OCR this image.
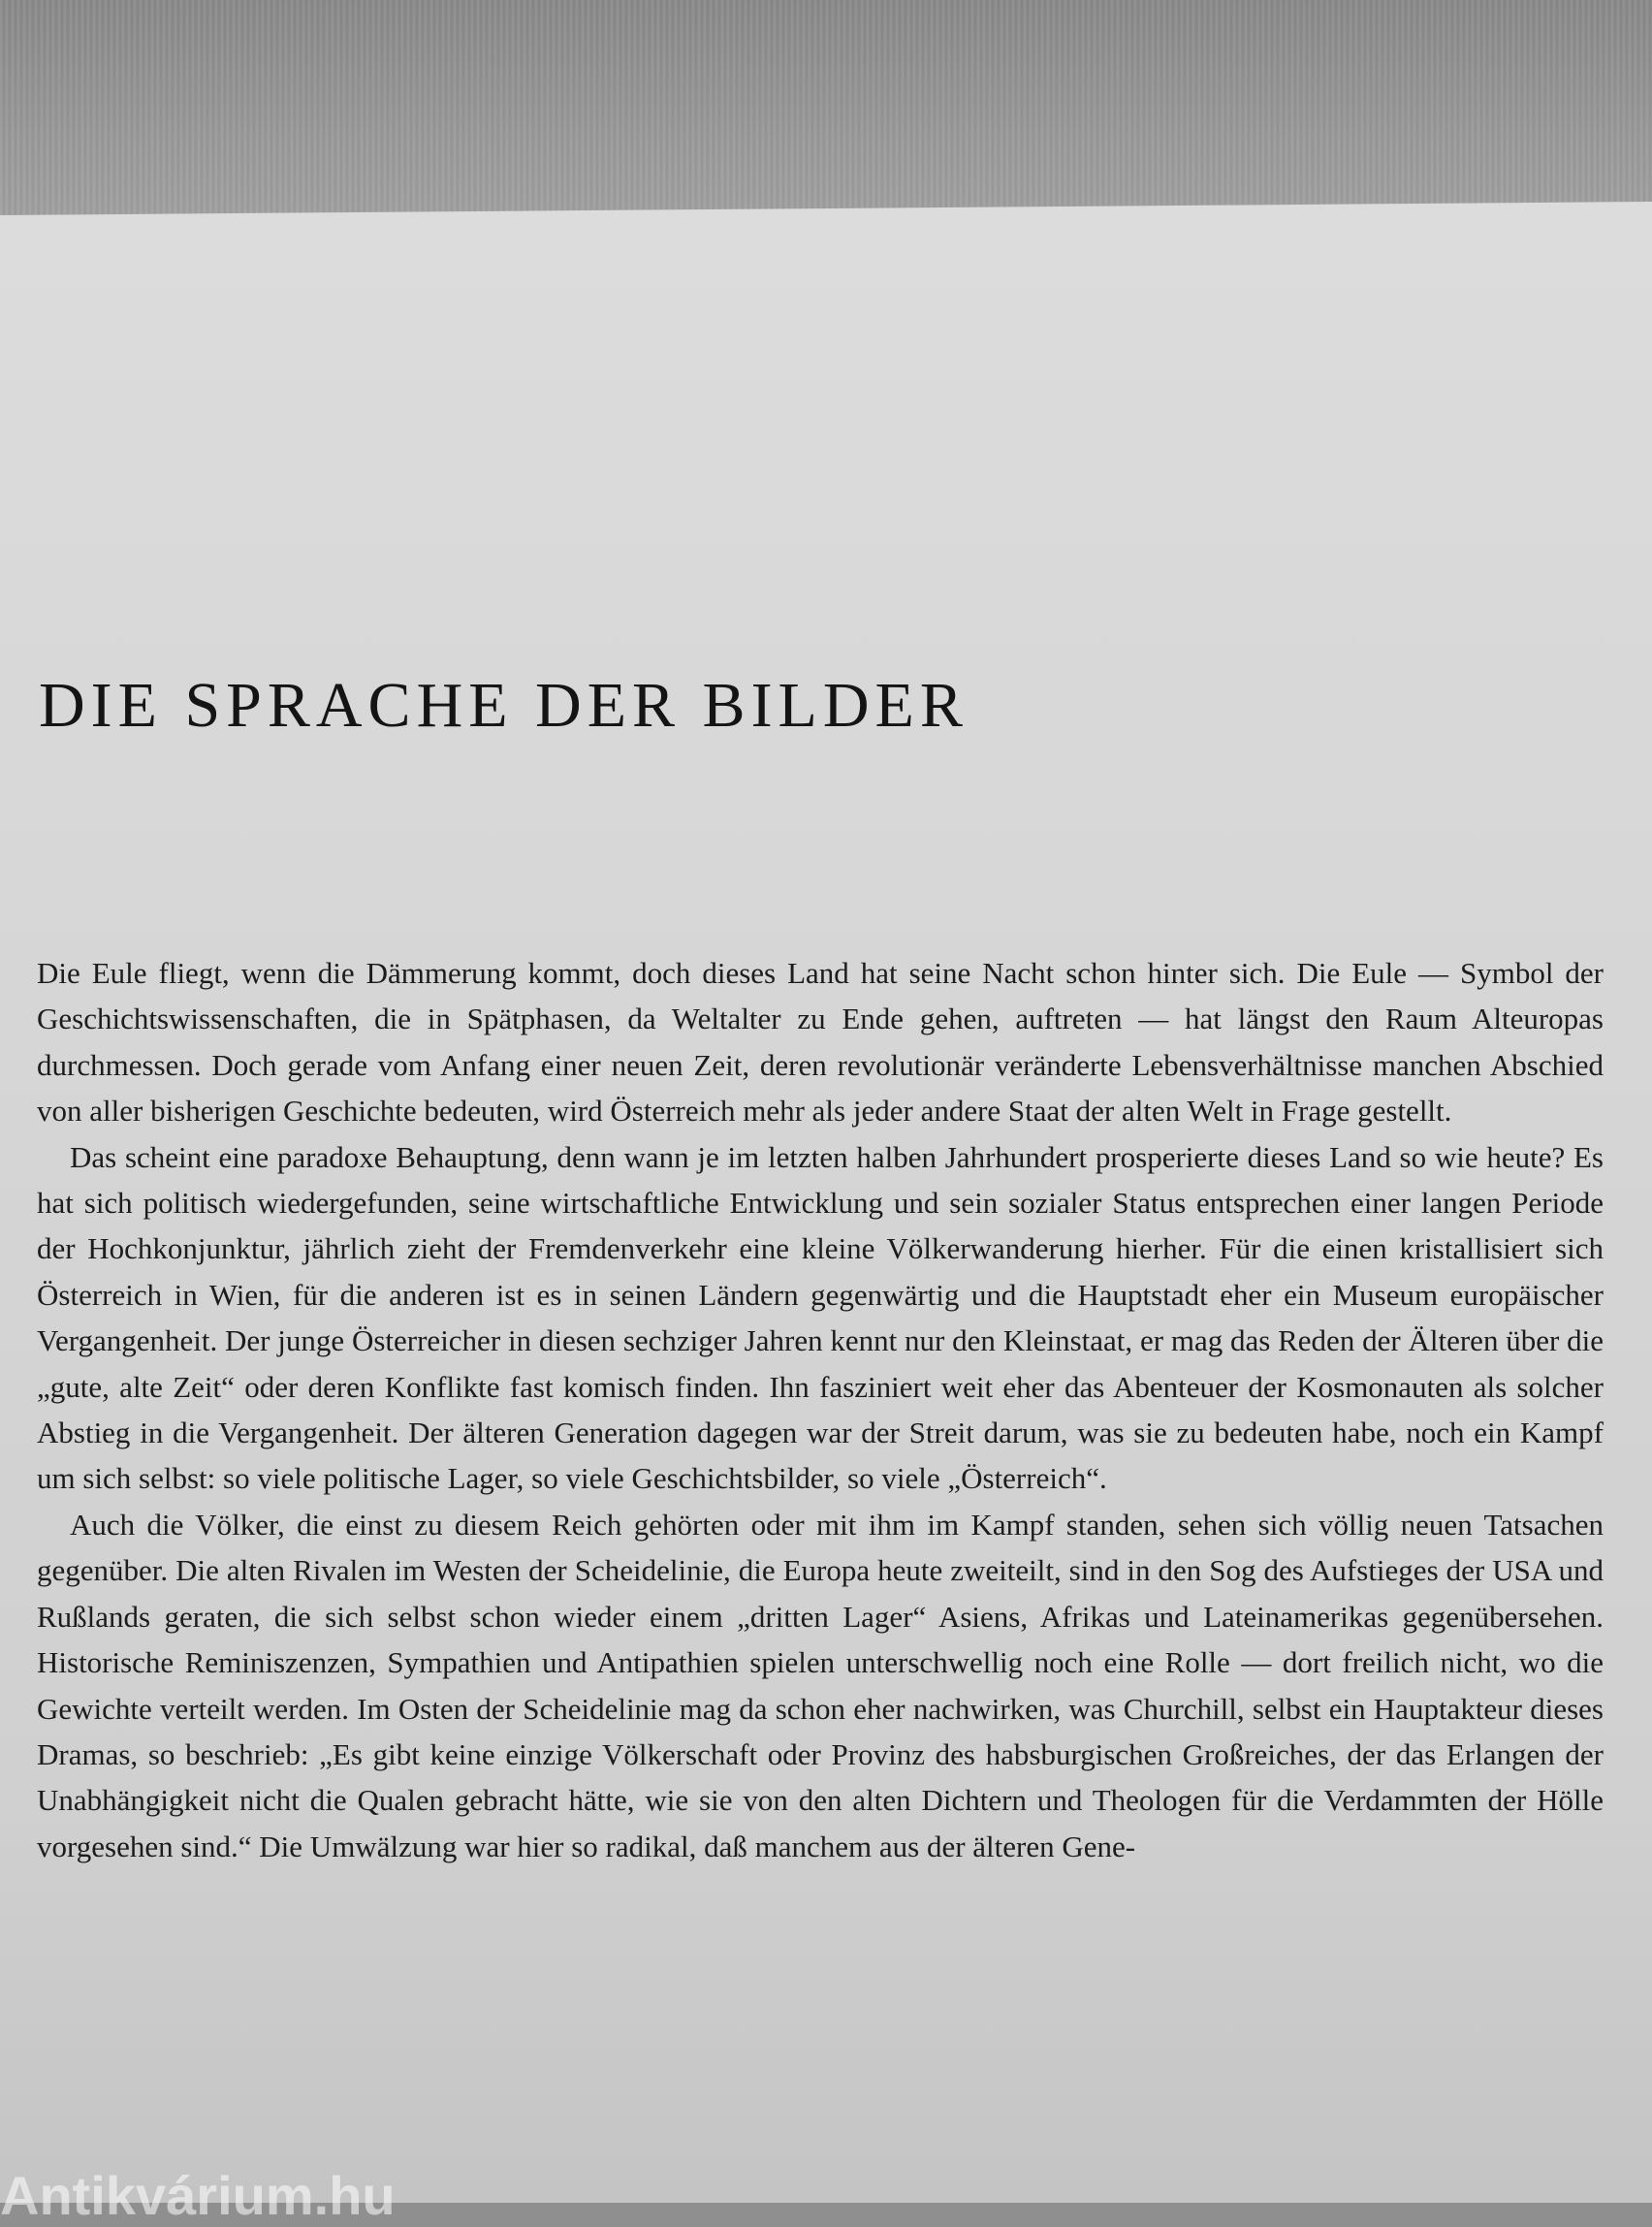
DIE SPRACHE DER BILDER

Die Eule fliegt, wenn die Dämmerung kommt, doch dieses Land hat seine Nacht schon hinter sich. Die Eule — Symbol der Geschichtswissenschaften, die in Spätphasen, da Weltalter zu Ende gehen, auftreten — hat längst den Raum Alteuropas durchmessen. Doch gerade vom Anfang einer neuen Zeit, deren revolutionär veränderte Lebensverhältnisse manchen Abschied von aller bisherigen Geschichte bedeuten, wird Österreich mehr als jeder andere Staat der alten Welt in Frage gestellt.

Das scheint eine paradoxe Behauptung, denn wann je im letzten halben Jahrhundert prosperierte dieses Land so wie heute? Es hat sich politisch wiedergefunden, seine wirtschaftliche Entwicklung und sein sozialer Status entsprechen einer langen Periode der Hochkonjunktur, jährlich zieht der Fremdenverkehr eine kleine Völkerwanderung hierher. Für die einen kristallisiert sich Österreich in Wien, für die anderen ist es in seinen Ländern gegenwärtig und die Hauptstadt eher ein Museum europäischer Vergangenheit. Der junge Österreicher in diesen sechziger Jahren kennt nur den Kleinstaat, er mag das Reden der Älteren über die „gute, alte Zeit“ oder deren Konflikte fast komisch finden. Ihn fasziniert weit eher das Abenteuer der Kosmonauten als solcher Abstieg in die Vergangenheit. Der älteren Generation dagegen war der Streit darum, was sie zu bedeuten habe, noch ein Kampf um sich selbst: so viele politische Lager, so viele Geschichtsbilder, so viele „Österreich“.

Auch die Völker, die einst zu diesem Reich gehörten oder mit ihm im Kampf standen, sehen sich völlig neuen Tatsachen gegenüber. Die alten Rivalen im Westen der Scheidelinie, die Europa heute zweiteilt, sind in den Sog des Aufstieges der USA und Rußlands geraten, die sich selbst schon wieder einem „dritten Lager“ Asiens, Afrikas und Lateinamerikas gegenübersehen. Historische Reminiszenzen, Sympathien und Antipathien spielen unterschwellig noch eine Rolle — dort freilich nicht, wo die Gewichte verteilt werden. Im Osten der Scheidelinie mag da schon eher nachwirken, was Churchill, selbst ein Hauptakteur dieses Dramas, so beschrieb: „Es gibt keine einzige Völkerschaft oder Provinz des habsburgischen Großreiches, der das Erlangen der Unabhängigkeit nicht die Qualen gebracht hätte, wie sie von den alten Dichtern und Theologen für die Verdammten der Hölle vorgesehen sind.“ Die Umwälzung war hier so radikal, daß manchem aus der älteren Gene-

Antikvárium.hu
